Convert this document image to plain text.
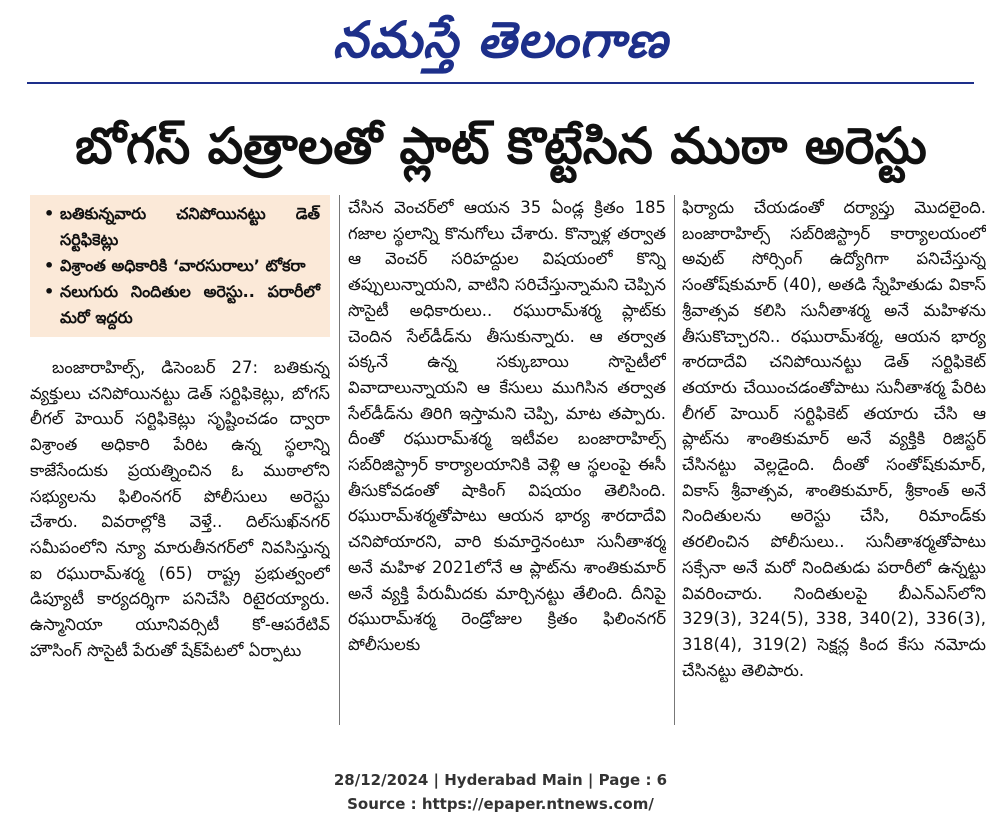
నమస్తే తెలంగాణ
బోగస్‌ పత్రాలతో ప్లాట్‌ కొట్టేసిన ముఠా అరెస్టు
• బతికున్నవారు చనిపోయినట్టు డెత్‌ సర్టిఫికెట్లు
• విశ్రాంత అధికారికి ‘వారసురాలు’ టోకరా
• నలుగురు నిందితుల అరెస్టు.. పరారీలో మరో ఇద్దరు

బంజారాహిల్స్‌, డిసెంబర్‌ 27: బతికున్న వ్యక్తులు చనిపోయినట్టు డెత్‌ సర్టిఫికెట్లు, బోగస్‌ లీగల్‌ హెయిర్‌ సర్టిఫికెట్లు సృష్టించడం ద్వారా విశ్రాంత అధికారి పేరిట ఉన్న స్థలాన్ని కాజేసేందుకు ప్రయత్నించిన ఓ ముఠాలోని సభ్యులను ఫిలింనగర్‌ పోలీసులు అరెస్టు చేశారు. వివరాల్లోకి వెళ్తే.. దిల్‌సుఖ్‌నగర్‌ సమీపంలోని న్యూ మారుతీనగర్‌లో నివసిస్తున్న ఐ రఘురామ్‌శర్మ (65) రాష్ట్ర ప్రభుత్వంలో డిప్యూటీ కార్యదర్శిగా పనిచేసి రిటైరయ్యారు. ఉస్మానియా యూనివర్సిటీ కో-ఆపరేటివ్‌ హౌసింగ్‌ సొసైటీ పేరుతో షేక్‌పేటలో ఏర్పాటు

చేసిన వెంచర్‌లో ఆయన 35 ఏండ్ల క్రితం 185 గజాల స్థలాన్ని కొనుగోలు చేశారు. కొన్నాళ్ల తర్వాత ఆ వెంచర్‌ సరిహద్దుల విషయంలో కొన్ని తప్పులున్నాయని, వాటిని సరిచేస్తున్నామని చెప్పిన సొసైటీ అధికారులు.. రఘురామ్‌శర్మ ప్లాట్‌కు చెందిన సేల్‌డీడ్‌ను తీసుకున్నారు. ఆ తర్వాత పక్కనే ఉన్న సక్కుబాయి సొసైటీలో వివాదాలున్నాయని ఆ కేసులు ముగిసిన తర్వాత సేల్‌డీడ్‌ను తిరిగి ఇస్తామని చెప్పి, మాట తప్పారు. దీంతో రఘురామ్‌శర్మ ఇటీవల బంజారాహిల్స్‌ సబ్‌రిజిస్ట్రార్‌ కార్యాలయానికి వెళ్లి ఆ స్థలంపై ఈసీ తీసుకోవడంతో షాకింగ్‌ విషయం తెలిసింది. రఘురామ్‌శర్మతోపాటు ఆయన భార్య శారదాదేవి చనిపోయారని, వారి కుమార్తెనంటూ సునీతాశర్మ అనే మహిళ 2021లోనే ఆ ప్లాట్‌ను శాంతికుమార్‌ అనే వ్యక్తి పేరుమీదకు మార్చినట్టు తేలింది. దీనిపై రఘురామ్‌శర్మ రెండ్రోజుల క్రితం ఫిలింనగర్‌ పోలీసులకు

ఫిర్యాదు చేయడంతో దర్యాప్తు మొదలైంది. బంజారాహిల్స్‌ సబ్‌రిజిస్ట్రార్‌ కార్యాలయంలో అవుట్‌ సోర్సింగ్‌ ఉద్యోగిగా పనిచేస్తున్న సంతోష్‌కుమార్‌ (40), అతడి స్నేహితుడు వికాస్‌ శ్రీవాత్సవ కలిసి సునీతాశర్మ అనే మహిళను తీసుకొచ్చారని.. రఘురామ్‌శర్మ, ఆయన భార్య శారదాదేవి చనిపోయినట్టు డెత్‌ సర్టిఫికెట్‌ తయారు చేయించడంతోపాటు సునీతాశర్మ పేరిట లీగల్‌ హెయిర్‌ సర్టిఫికెట్‌ తయారు చేసి ఆ ప్లాట్‌ను శాంతికుమార్‌ అనే వ్యక్తికి రిజిస్టర్‌ చేసినట్టు వెల్లడైంది. దీంతో సంతోష్‌కుమార్‌, వికాస్‌ శ్రీవాత్సవ, శాంతికుమార్‌, శ్రీకాంత్‌ అనే నిందితులను అరెస్టు చేసి, రిమాండ్‌కు తరలించిన పోలీసులు.. సునీతాశర్మతోపాటు సక్సేనా అనే మరో నిందితుడు పరారీలో ఉన్నట్టు వివరించారు. నిందితులపై బీఎన్‌ఎస్‌లోని 329(3), 324(5), 338, 340(2), 336(3), 318(4), 319(2) సెక్షన్ల కింద కేసు నమోదు చేసినట్టు తెలిపారు.

28/12/2024 | Hyderabad Main | Page : 6
Source : https://epaper.ntnews.com/
